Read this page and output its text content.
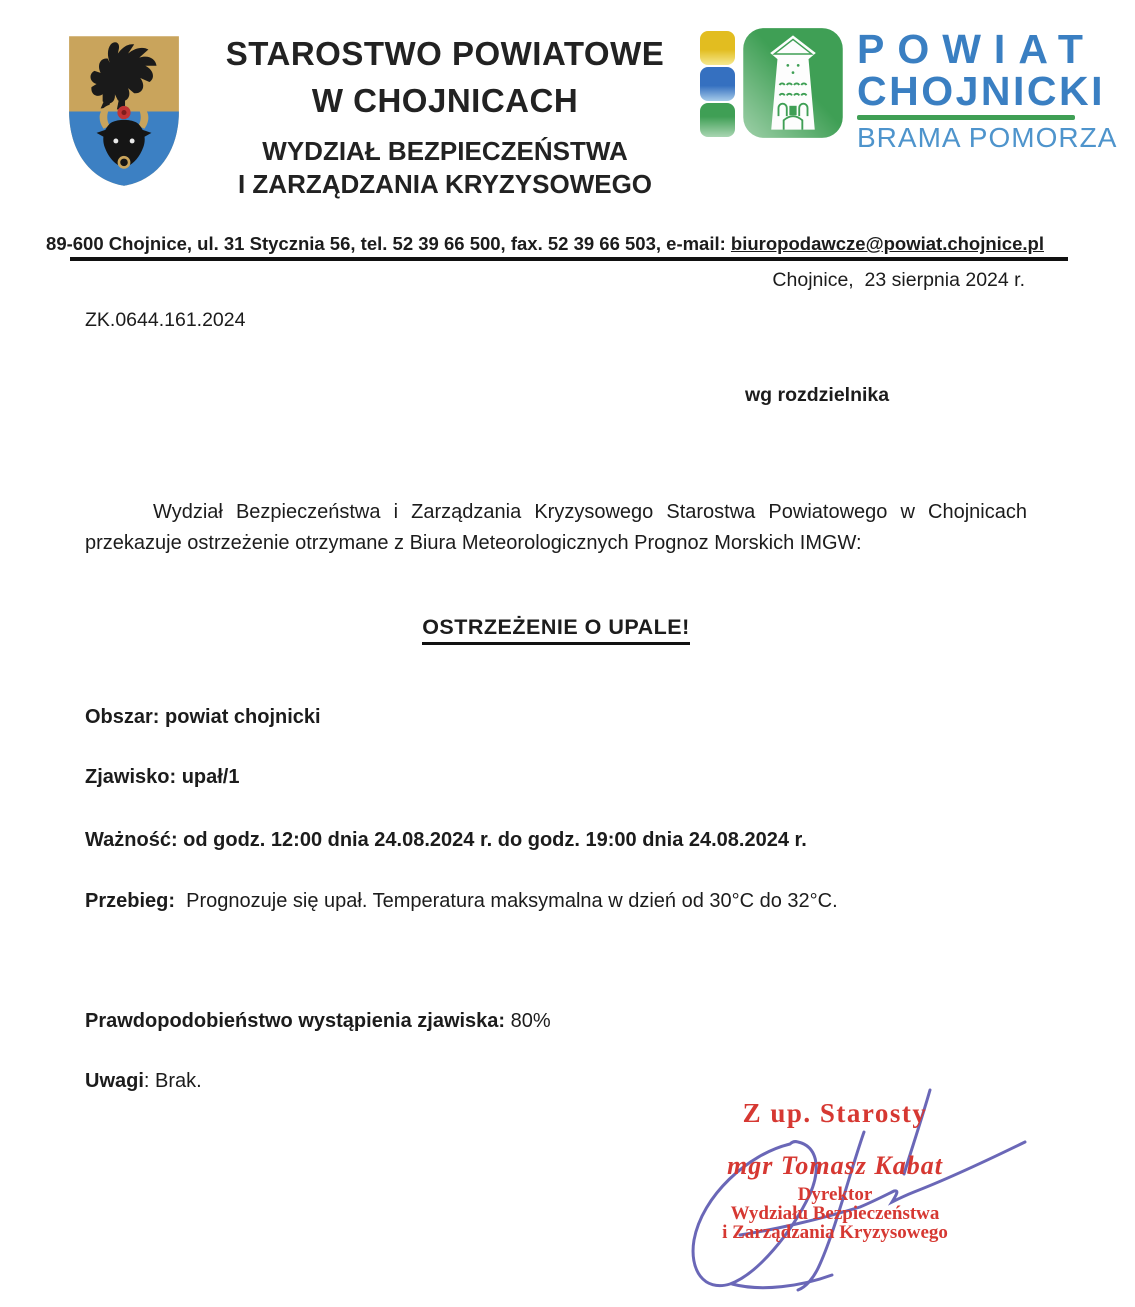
STAROSTWO POWIATOWE
W CHOJNICACH
WYDZIAŁ BEZPIECZEŃSTWA
I ZARZĄDZANIA KRYZYSOWEGO
POWIAT
CHOJNICKI
BRAMA POMORZA
89-600 Chojnice, ul. 31 Stycznia 56, tel. 52 39 66 500, fax. 52 39 66 503, e-mail: biuropodawcze@powiat.chojnice.pl
Chojnice,  23 sierpnia 2024 r.
ZK.0644.161.2024
wg rozdzielnika
Wydział Bezpieczeństwa i Zarządzania Kryzysowego Starostwa Powiatowego w Chojnicach przekazuje ostrzeżenie otrzymane z Biura Meteorologicznych Prognoz Morskich IMGW:
OSTRZEŻENIE O UPALE!
Obszar: powiat chojnicki
Zjawisko: upał/1
Ważność: od godz. 12:00 dnia 24.08.2024 r. do godz. 19:00 dnia 24.08.2024 r.
Przebieg:  Prognozuje się upał. Temperatura maksymalna w dzień od 30°C do 32°C.
Prawdopodobieństwo wystąpienia zjawiska: 80%
Uwagi: Brak.
Z up. Starosty
mgr Tomasz Kabat
Dyrektor
Wydziału Bezpieczeństwa
i Zarządzania Kryzysowego
